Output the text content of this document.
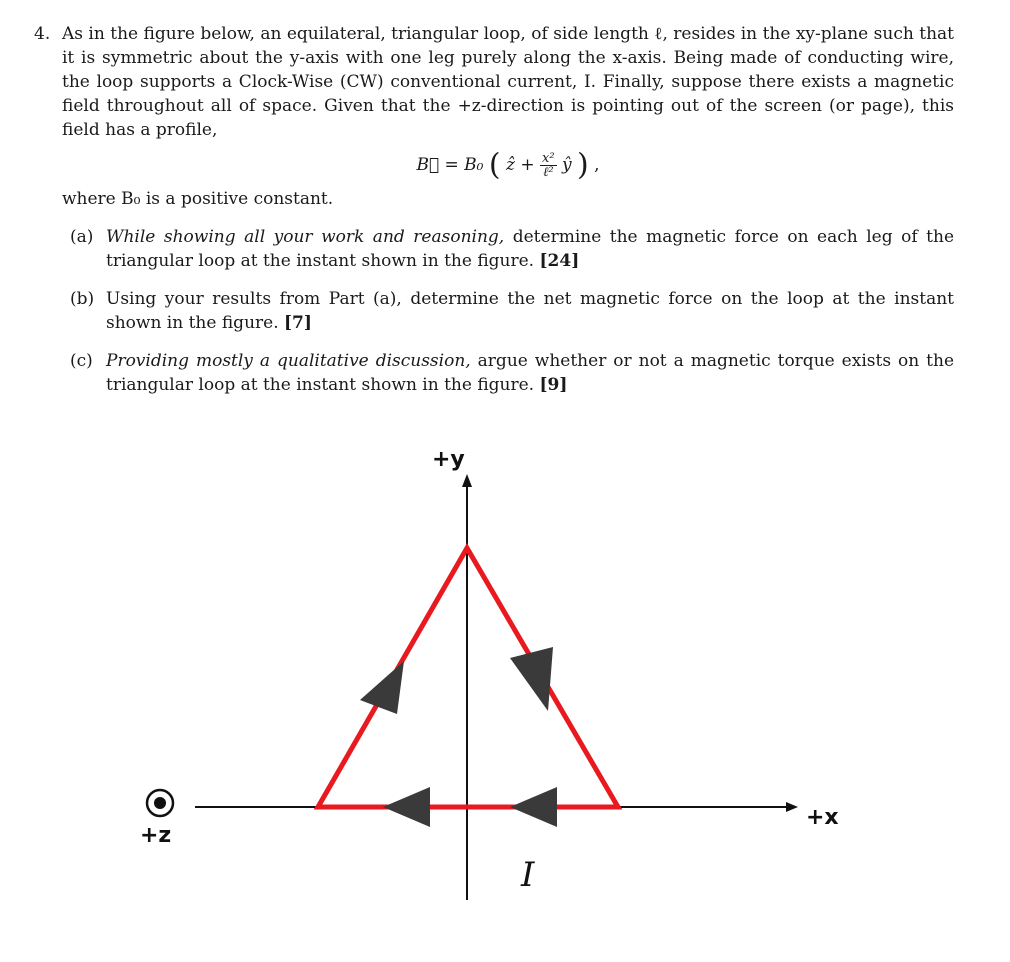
4. As in the figure below, an equilateral, triangular loop, of side length ℓ, resides in the xy-plane such that it is symmetric about the y-axis with one leg purely along the x-axis. Being made of conducting wire, the loop supports a Clock-Wise (CW) conventional current, I. Finally, suppose there exists a magnetic field throughout all of space. Given that the +z-direction is pointing out of the screen (or page), this field has a profile,
B⃗ = B₀ ( ẑ + $\frac{\text{x²}}{\text{ℓ²}}$ ŷ ) ,
where B₀ is a positive constant.
(a) While showing all your work and reasoning, determine the magnetic force on each leg of the triangular loop at the instant shown in the figure. [24]
(b) Using your results from Part (a), determine the net magnetic force on the loop at the instant shown in the figure. [7]
(c) Providing mostly a qualitative discussion, argue whether or not a magnetic torque exists on the triangular loop at the instant shown in the figure. [9]
+y
+x
+z
I
